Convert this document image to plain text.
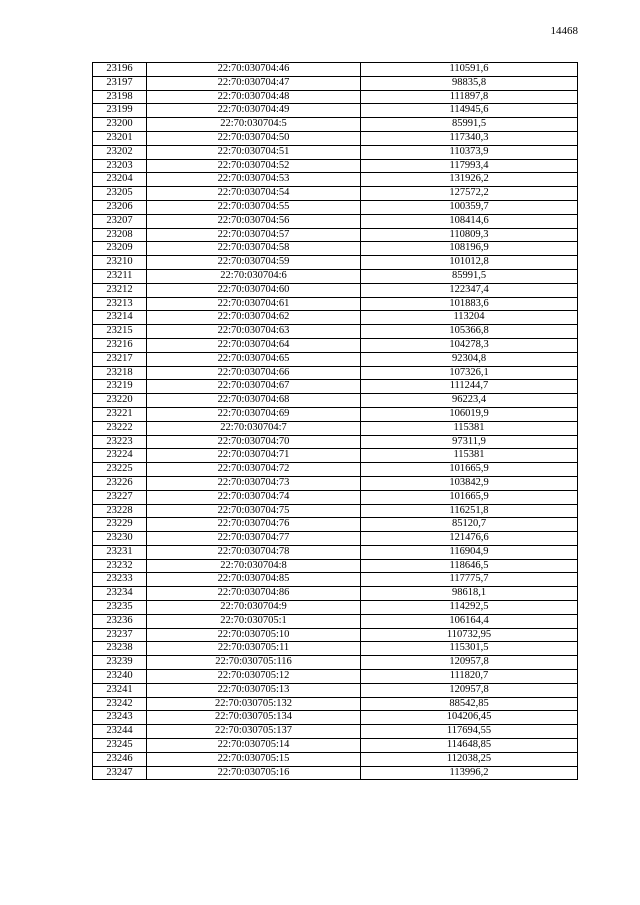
14468
23196	22:70:030704:46	110591,6
23197	22:70:030704:47	98835,8
23198	22:70:030704:48	111897,8
23199	22:70:030704:49	114945,6
23200	22:70:030704:5	85991,5
23201	22:70:030704:50	117340,3
23202	22:70:030704:51	110373,9
23203	22:70:030704:52	117993,4
23204	22:70:030704:53	131926,2
23205	22:70:030704:54	127572,2
23206	22:70:030704:55	100359,7
23207	22:70:030704:56	108414,6
23208	22:70:030704:57	110809,3
23209	22:70:030704:58	108196,9
23210	22:70:030704:59	101012,8
23211	22:70:030704:6	85991,5
23212	22:70:030704:60	122347,4
23213	22:70:030704:61	101883,6
23214	22:70:030704:62	113204
23215	22:70:030704:63	105366,8
23216	22:70:030704:64	104278,3
23217	22:70:030704:65	92304,8
23218	22:70:030704:66	107326,1
23219	22:70:030704:67	111244,7
23220	22:70:030704:68	96223,4
23221	22:70:030704:69	106019,9
23222	22:70:030704:7	115381
23223	22:70:030704:70	97311,9
23224	22:70:030704:71	115381
23225	22:70:030704:72	101665,9
23226	22:70:030704:73	103842,9
23227	22:70:030704:74	101665,9
23228	22:70:030704:75	116251,8
23229	22:70:030704:76	85120,7
23230	22:70:030704:77	121476,6
23231	22:70:030704:78	116904,9
23232	22:70:030704:8	118646,5
23233	22:70:030704:85	117775,7
23234	22:70:030704:86	98618,1
23235	22:70:030704:9	114292,5
23236	22:70:030705:1	106164,4
23237	22:70:030705:10	110732,95
23238	22:70:030705:11	115301,5
23239	22:70:030705:116	120957,8
23240	22:70:030705:12	111820,7
23241	22:70:030705:13	120957,8
23242	22:70:030705:132	88542,85
23243	22:70:030705:134	104206,45
23244	22:70:030705:137	117694,55
23245	22:70:030705:14	114648,85
23246	22:70:030705:15	112038,25
23247	22:70:030705:16	113996,2
